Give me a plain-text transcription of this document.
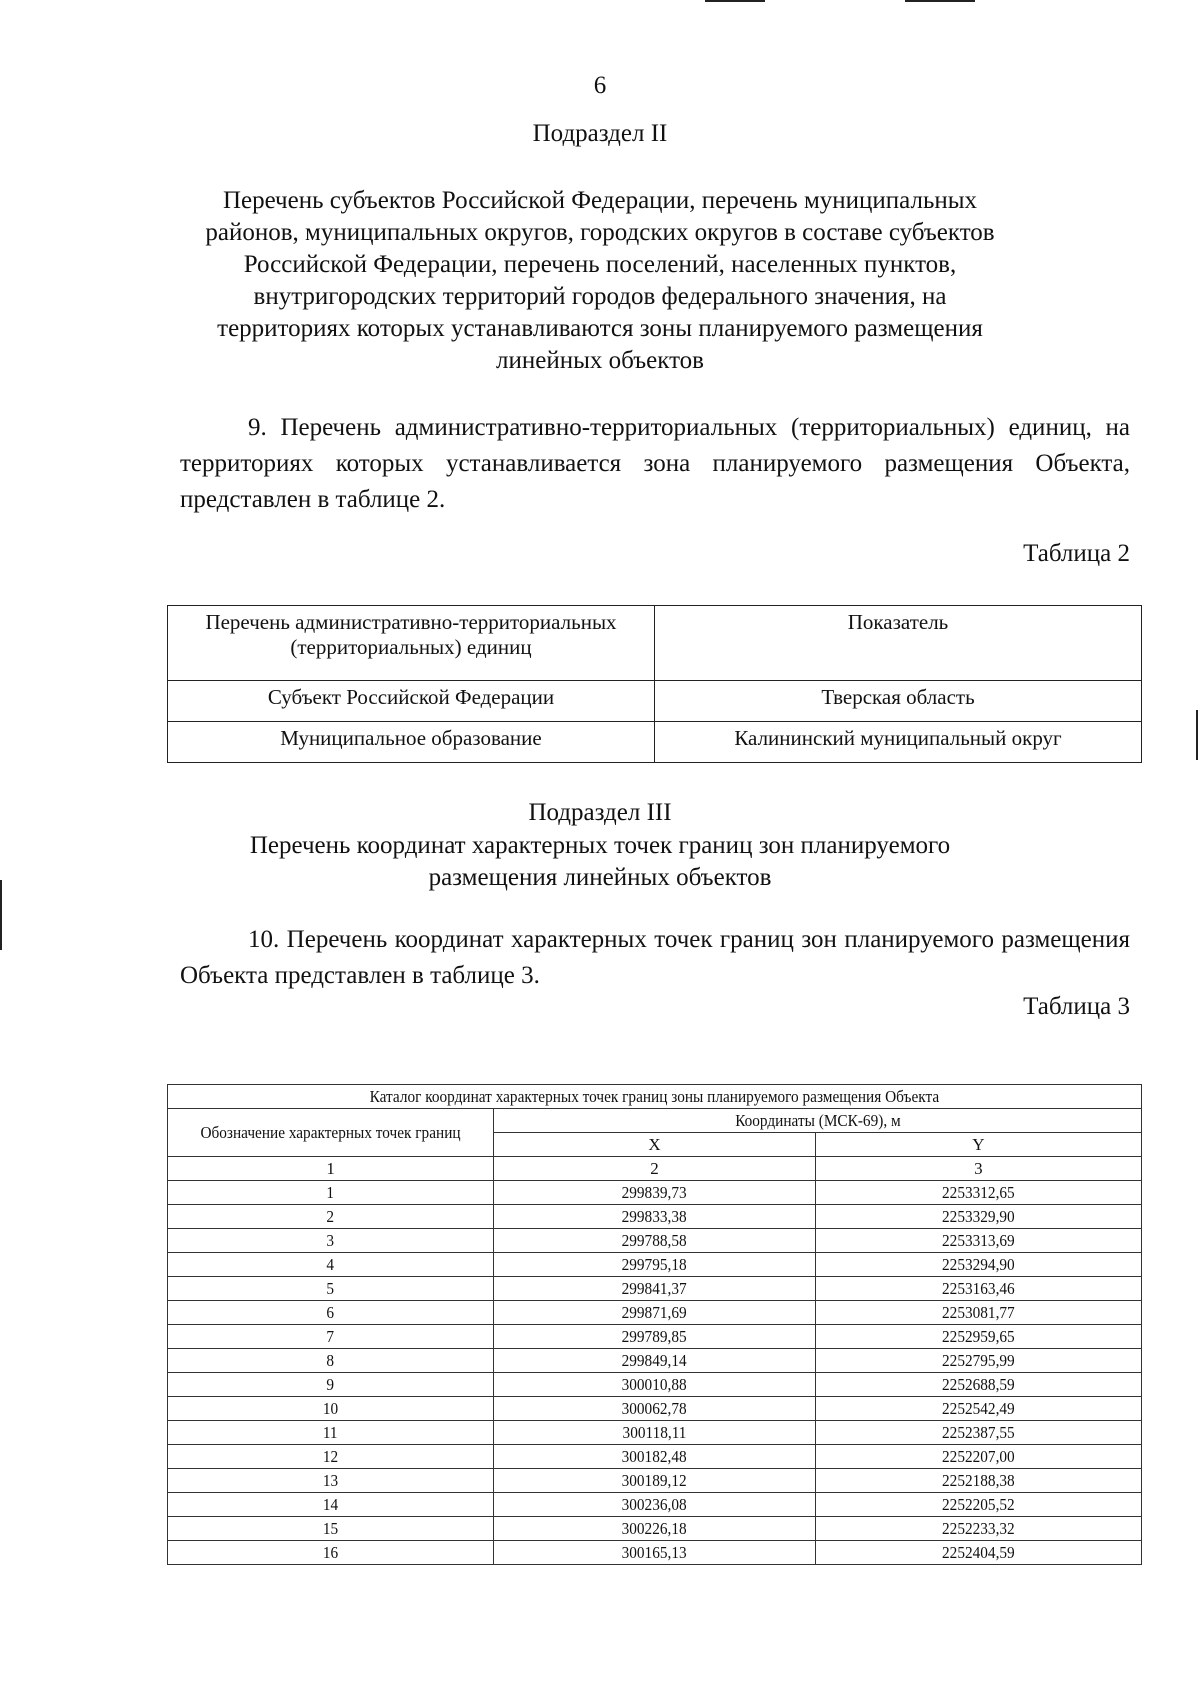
6
Подраздел II
Перечень субъектов Российской Федерации, перечень муниципальных
районов, муниципальных округов, городских округов в составе субъектов
Российской Федерации, перечень поселений, населенных пунктов,
внутригородских территорий городов федерального значения, на
территориях которых устанавливаются зоны планируемого размещения
линейных объектов
9. Перечень административно-территориальных (территориальных) единиц, на территориях которых устанавливается зона планируемого размещения Объекта, представлен в таблице 2.
Таблица 2
Перечень административно-территориальных (территориальных) единиц	Показатель
Субъект Российской Федерации	Тверская область
Муниципальное образование	Калининский муниципальный округ
Подраздел III
Перечень координат характерных точек границ зон планируемого
размещения линейных объектов
10. Перечень координат характерных точек границ зон планируемого размещения Объекта представлен в таблице 3.
Таблица 3
Каталог координат характерных точек границ зоны планируемого размещения Объекта		
Обозначение характерных точек границ	Координаты (МСК-69), м	
	X	Y
1	2	3
1	299839,73	2253312,65
2	299833,38	2253329,90
3	299788,58	2253313,69
4	299795,18	2253294,90
5	299841,37	2253163,46
6	299871,69	2253081,77
7	299789,85	2252959,65
8	299849,14	2252795,99
9	300010,88	2252688,59
10	300062,78	2252542,49
11	300118,11	2252387,55
12	300182,48	2252207,00
13	300189,12	2252188,38
14	300236,08	2252205,52
15	300226,18	2252233,32
16	300165,13	2252404,59
